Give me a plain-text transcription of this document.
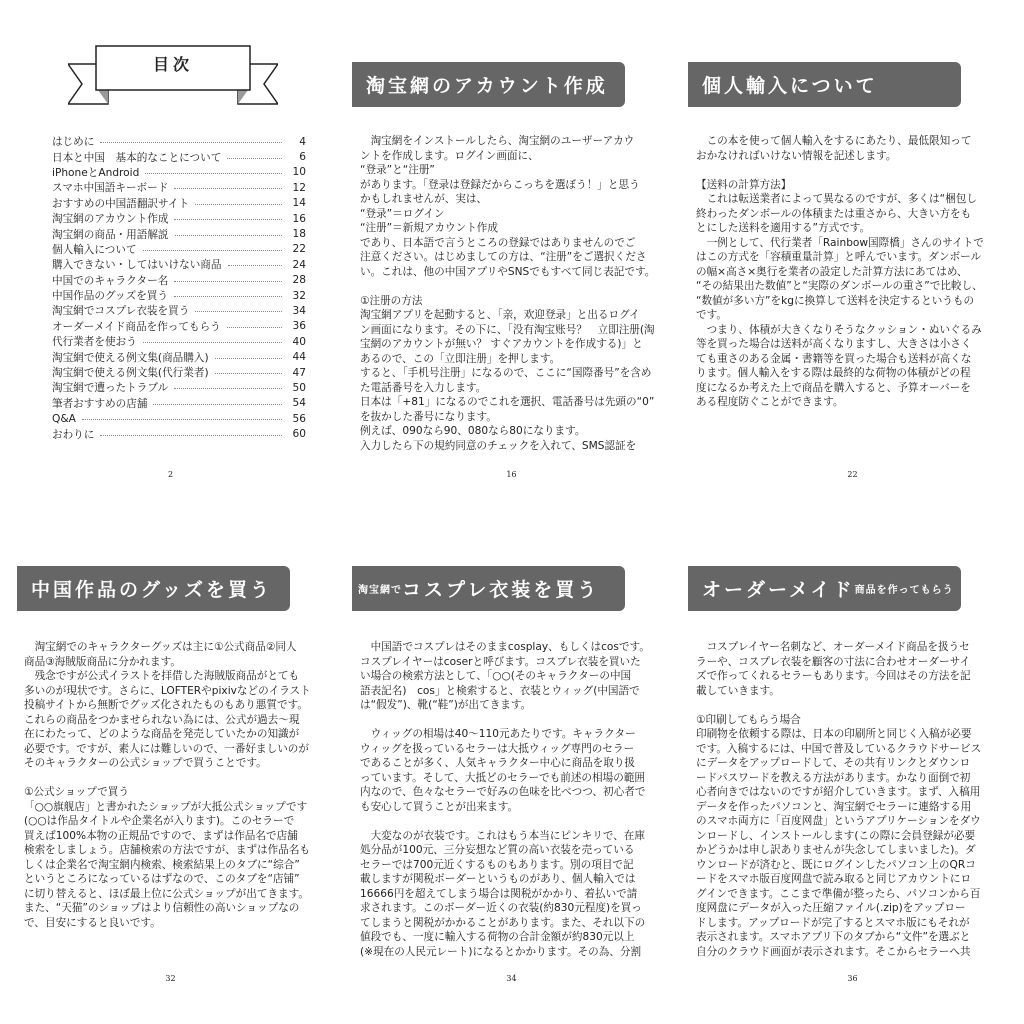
目次
はじめに	4
日本と中国　基本的なことについて	6
iPhoneとAndroid	10
スマホ中国語キーボード	12
おすすめの中国語翻訳サイト	14
淘宝網のアカウント作成	16
淘宝網の商品・用語解説	18
個人輸入について	22
購入できない・してはいけない商品	24
中国でのキャラクター名	28
中国作品のグッズを買う	32
淘宝網でコスプレ衣装を買う	34
オーダーメイド商品を作ってもらう	36
代行業者を使おう	40
淘宝網で使える例文集(商品購入)	44
淘宝網で使える例文集(代行業者)	47
淘宝網で遭ったトラブル	50
筆者おすすめの店舗	54
Q&A	56
おわりに	60
2
淘宝網のアカウント作成
　淘宝網をインストールしたら、淘宝網のユーザーアカウ
ントを作成します。ログイン画面に、
“登录”と“注册”
があります。「登录は登録だからこっちを選ぼう！」と思う
かもしれませんが、実は、
“登录”＝ログイン
“注册”＝新規アカウント作成
であり、日本語で言うところの登録ではありませんのでご
注意ください。はじめましての方は、“注册”をご選択くださ
い。これは、他の中国アプリやSNSでもすべて同じ表記です。
①注册の方法
淘宝網アプリを起動すると、「亲，欢迎登录」と出るログイ
ン画面になります。その下に、「没有淘宝账号？　立即注册(淘
宝網のアカウントが無い？ すぐアカウントを作成する)」と
あるので、この「立即注册」を押します。
すると、「手机号注册」になるので、ここに“国際番号”を含め
た電話番号を入力します。
日本は「+81」になるのでこれを選択、電話番号は先頭の“0”
を抜かした番号になります。
例えば、090なら90、080なら80になります。
入力したら下の規約同意のチェックを入れて、SMS認証を
16
個人輸入について
　この本を使って個人輸入をするにあたり、最低限知って
おかなければいけない情報を記述します。
【送料の計算方法】
　これは転送業者によって異なるのですが、多くは“梱包し
終わったダンボールの体積または重さから、大きい方をも
とにした送料を適用する”方式です。
　一例として、代行業者「Rainbow国際橋」さんのサイトで
はこの方式を「容積重量計算」と呼んでいます。ダンボール
の幅×高さ×奥行を業者の設定した計算方法にあてはめ、
“その結果出た数値”と“実際のダンボールの重さ”で比較し、
“数値が多い方”をkgに換算して送料を決定するというもの
です。
　つまり、体積が大きくなりそうなクッション・ぬいぐるみ
等を買った場合は送料が高くなりますし、大きさは小さく
ても重さのある金属・書籍等を買った場合も送料が高くな
ります。個人輸入をする際は最終的な荷物の体積がどの程
度になるか考えた上で商品を購入すると、予算オーバーを
ある程度防ぐことができます。
22
中国作品のグッズを買う
　淘宝網でのキャラクターグッズは主に①公式商品②同人
商品③海賊版商品に分かれます。
　残念ですが公式イラストを拝借した海賊版商品がとても
多いのが現状です。さらに、LOFTERやpixivなどのイラスト
投稿サイトから無断でグッズ化されたものもあり悪質です。
これらの商品をつかませられない為には、公式が過去～現
在にわたって、どのような商品を発売していたかの知識が
必要です。ですが、素人には難しいので、一番好ましいのが
そのキャラクターの公式ショップで買うことです。
①公式ショップで買う
「○○旗舰店」と書かれたショップが大抵公式ショップです
(○○は作品タイトルや企業名が入ります)。このセラーで
買えば100%本物の正規品ですので、まずは作品名で店舗
検索をしましょう。店舗検索の方法ですが、まずは作品名も
しくは企業名で淘宝網内検索、検索結果上のタブに“综合”
というところになっているはずなので、このタブを“店铺”
に切り替えると、ほぼ最上位に公式ショップが出てきます。
また、“天猫”のショップはより信頼性の高いショップなの
で、目安にすると良いです。
32
淘宝網で コスプレ衣装を買う
　中国語でコスプレはそのままcosplay、もしくはcosです。
コスプレイヤーはcoserと呼びます。コスプレ衣装を買いた
い場合の検索方法として、「○○(そのキャラクターの中国
語表記名)　cos」と検索すると、衣装とウィッグ(中国語で
は“假发”)、靴(“鞋”)が出てきます。
　ウィッグの相場は40～110元あたりです。キャラクター
ウィッグを扱っているセラーは大抵ウィッグ専門のセラー
であることが多く、人気キャラクター中心に商品を取り扱
っています。そして、大抵どのセラーでも前述の相場の範囲
内なので、色々なセラーで好みの色味を比べつつ、初心者で
も安心して買うことが出来ます。
　大変なのが衣装です。これはもう本当にピンキリで、在庫
処分品が100元、三分妄想など質の高い衣装を売っている
セラーでは700元近くするものもあります。別の項目で記
載しますが関税ボーダーというものがあり、個人輸入では
16666円を超えてしまう場合は関税がかかり、着払いで請
求されます。このボーダー近くの衣装(約830元程度)を買っ
てしまうと関税がかかることがあります。また、それ以下の
値段でも、一度に輸入する荷物の合計金額が約830元以上
(※現在の人民元レート)になるとかかります。その為、分割
34
オーダーメイド 商品を作ってもらう
　コスプレイヤー名刺など、オーダーメイド商品を扱うセ
ラーや、コスプレ衣装を顧客の寸法に合わせオーダーサイ
ズで作ってくれるセラーもあります。今回はその方法を記
載していきます。
①印刷してもらう場合
印刷物を依頼する際は、日本の印刷所と同じく入稿が必要
です。入稿するには、中国で普及しているクラウドサービス
にデータをアップロードして、その共有リンクとダウンロ
ードパスワードを教える方法があります。かなり面倒で初
心者向きではないのですが紹介していきます。まず、入稿用
データを作ったパソコンと、淘宝網でセラーに連絡する用
のスマホ両方に「百度网盘」というアプリケーションをダウ
ンロードし、インストールします(この際に会員登録が必要
かどうかは申し訳ありませんが失念してしまいました)。ダ
ウンロードが済むと、既にログインしたパソコン上のQRコ
ードをスマホ版百度网盘で読み取ると同じアカウントにロ
グインできます。ここまで準備が整ったら、パソコンから百
度网盘にデータが入った圧縮ファイル(.zip)をアップロー
ドします。アップロードが完了するとスマホ版にもそれが
表示されます。スマホアプリ下のタブから“文件”を選ぶと
自分のクラウド画面が表示されます。そこからセラーへ共
36
